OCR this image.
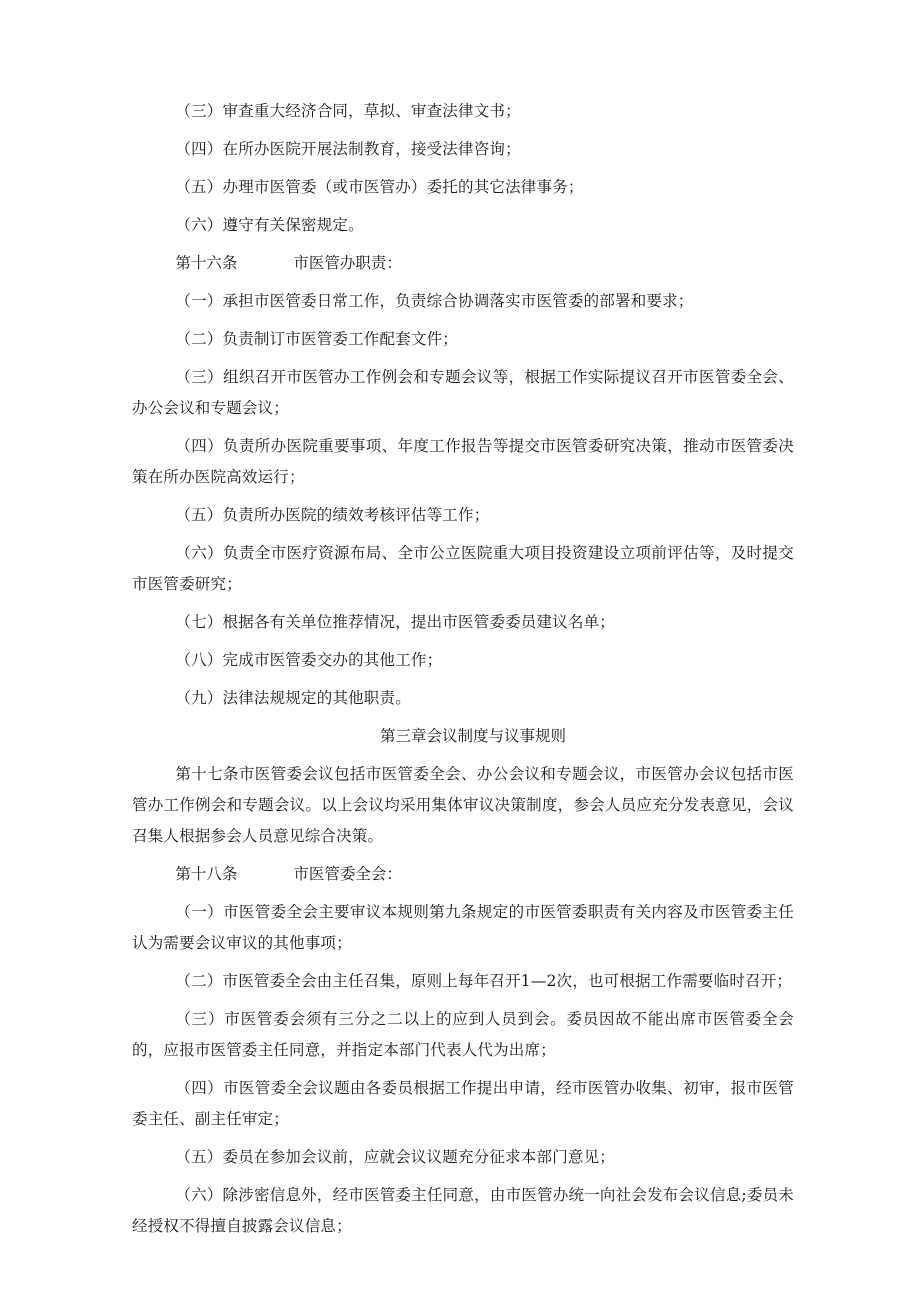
（三）审查重大经济合同，草拟、审查法律文书；

（四）在所办医院开展法制教育，接受法律咨询；

（五）办理市医管委（或市医管办）委托的其它法律事务；

（六）遵守有关保密规定。

第十六条	市医管办职责：

（一）承担市医管委日常工作，负责综合协调落实市医管委的部署和要求；

（二）负责制订市医管委工作配套文件；

（三）组织召开市医管办工作例会和专题会议等，根据工作实际提议召开市医管委全会、办公会议和专题会议；

（四）负责所办医院重要事项、年度工作报告等提交市医管委研究决策，推动市医管委决策在所办医院高效运行；

（五）负责所办医院的绩效考核评估等工作；

（六）负责全市医疗资源布局、全市公立医院重大项目投资建设立项前评估等，及时提交市医管委研究；

（七）根据各有关单位推荐情况，提出市医管委委员建议名单；

（八）完成市医管委交办的其他工作；

（九）法律法规规定的其他职责。

第三章会议制度与议事规则

第十七条市医管委会议包括市医管委全会、办公会议和专题会议，市医管办会议包括市医管办工作例会和专题会议。以上会议均采用集体审议决策制度，参会人员应充分发表意见，会议召集人根据参会人员意见综合决策。

第十八条	市医管委全会：

（一）市医管委全会主要审议本规则第九条规定的市医管委职责有关内容及市医管委主任认为需要会议审议的其他事项；

（二）市医管委全会由主任召集，原则上每年召开1—2次，也可根据工作需要临时召开；

（三）市医管委会须有三分之二以上的应到人员到会。委员因故不能出席市医管委全会的，应报市医管委主任同意，并指定本部门代表人代为出席；

（四）市医管委全会议题由各委员根据工作提出申请，经市医管办收集、初审，报市医管委主任、副主任审定；

（五）委员在参加会议前，应就会议议题充分征求本部门意见；

（六）除涉密信息外，经市医管委主任同意，由市医管办统一向社会发布会议信息;委员未经授权不得擅自披露会议信息；
